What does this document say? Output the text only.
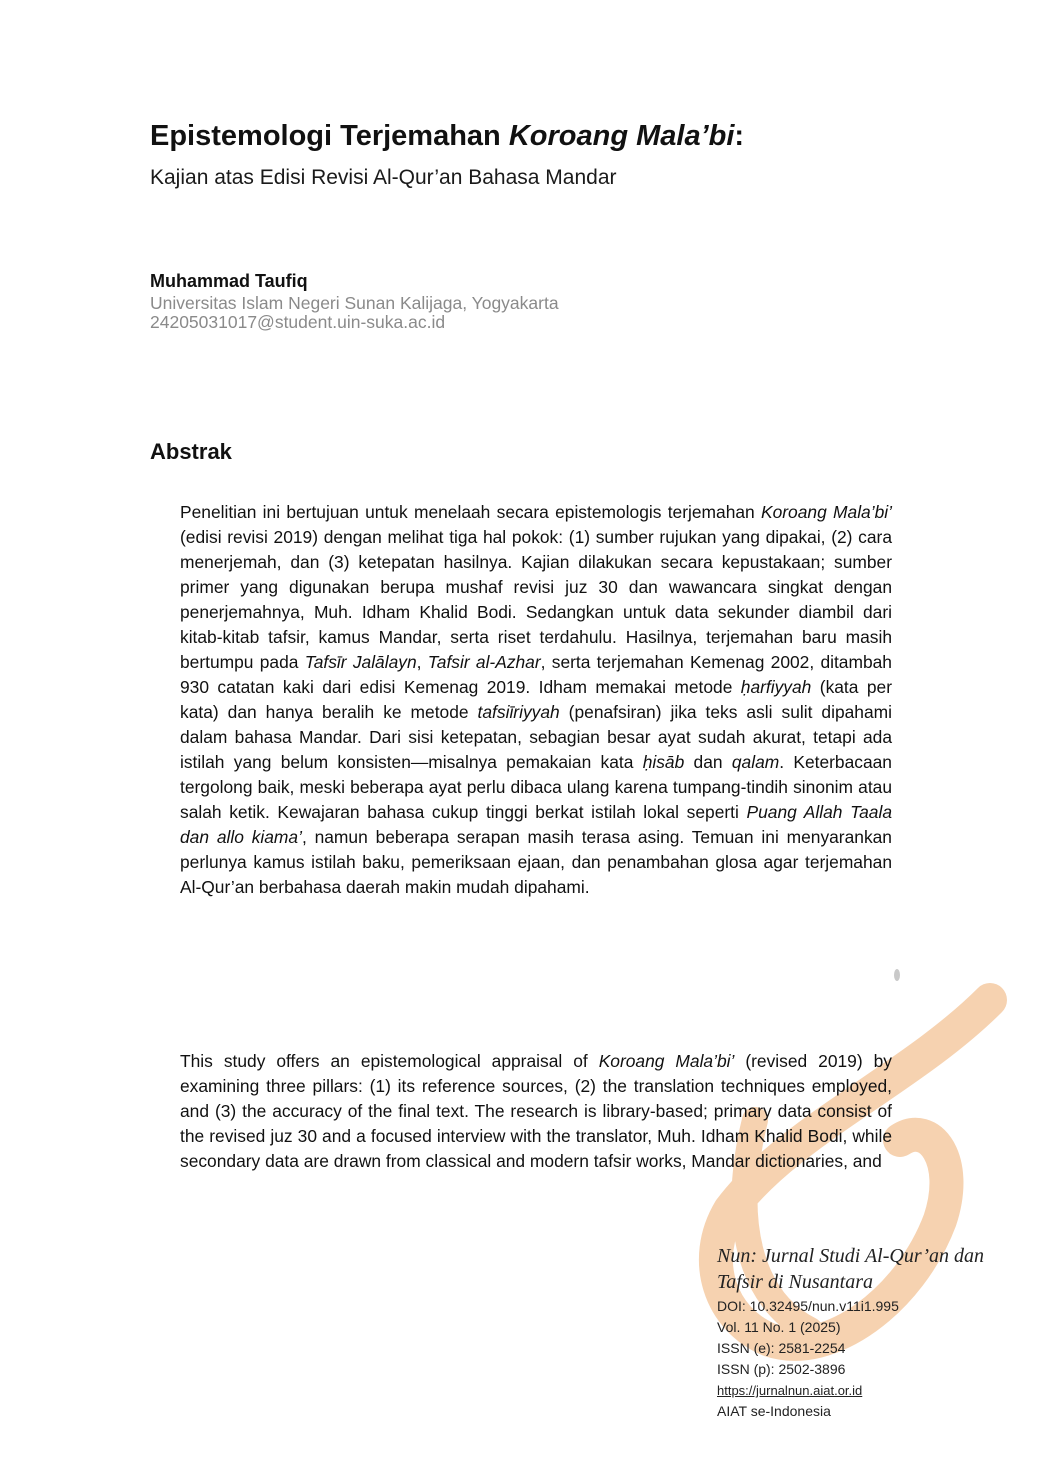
Epistemologi Terjemahan Koroang Mala’bi:
Kajian atas Edisi Revisi Al-Qur’an Bahasa Mandar
Muhammad Taufiq
Universitas Islam Negeri Sunan Kalijaga, Yogyakarta
24205031017@student.uin-suka.ac.id
Abstrak

Penelitian ini bertujuan untuk menelaah secara epistemologis terjemahan Koroang Mala’bi’ (edisi revisi 2019) dengan melihat tiga hal pokok: (1) sumber rujukan yang dipakai, (2) cara menerjemah, dan (3) ketepatan hasilnya. Kajian dilakukan secara kepustakaan; sumber primer yang digunakan berupa mushaf revisi juz 30 dan wawancara singkat dengan penerjemahnya, Muh. Idham Khalid Bodi. Sedangkan untuk data sekunder diambil dari kitab-kitab tafsir, kamus Mandar, serta riset terdahulu. Hasilnya, terjemahan baru masih bertumpu pada Tafsīr Jalālayn, Tafsir al-Azhar, serta terjemahan Kemenag 2002, ditambah 930 catatan kaki dari edisi Kemenag 2019. Idham memakai metode ḥarfiyyah (kata per kata) dan hanya beralih ke metode tafsiīriyyah (penafsiran) jika teks asli sulit dipahami dalam bahasa Mandar. Dari sisi ketepatan, sebagian besar ayat sudah akurat, tetapi ada istilah yang belum konsisten—misalnya pemakaian kata ḥisāb dan qalam. Keterbacaan tergolong baik, meski beberapa ayat perlu dibaca ulang karena tumpang-tindih sinonim atau salah ketik. Kewajaran bahasa cukup tinggi berkat istilah lokal seperti Puang Allah Taala dan allo kiama’, namun beberapa serapan masih terasa asing. Temuan ini menyarankan perlunya kamus istilah baku, pemeriksaan ejaan, dan penambahan glosa agar terjemahan Al-Qur’an berbahasa daerah makin mudah dipahami.

This study offers an epistemological appraisal of Koroang Mala’bi’ (revised 2019) by examining three pillars: (1) its reference sources, (2) the translation techniques employed, and (3) the accuracy of the final text. The research is library-based; primary data consist of the revised juz 30 and a focused interview with the translator, Muh. Idham Khalid Bodi, while secondary data are drawn from classical and modern tafsir works, Mandar dictionaries, and

Nun: Jurnal Studi Al-Qur’an dan
Tafsir di Nusantara
DOI: 10.32495/nun.v11i1.995
Vol. 11 No. 1 (2025)
ISSN (e): 2581-2254
ISSN (p): 2502-3896
https://jurnalnun.aiat.or.id
AIAT se-Indonesia
